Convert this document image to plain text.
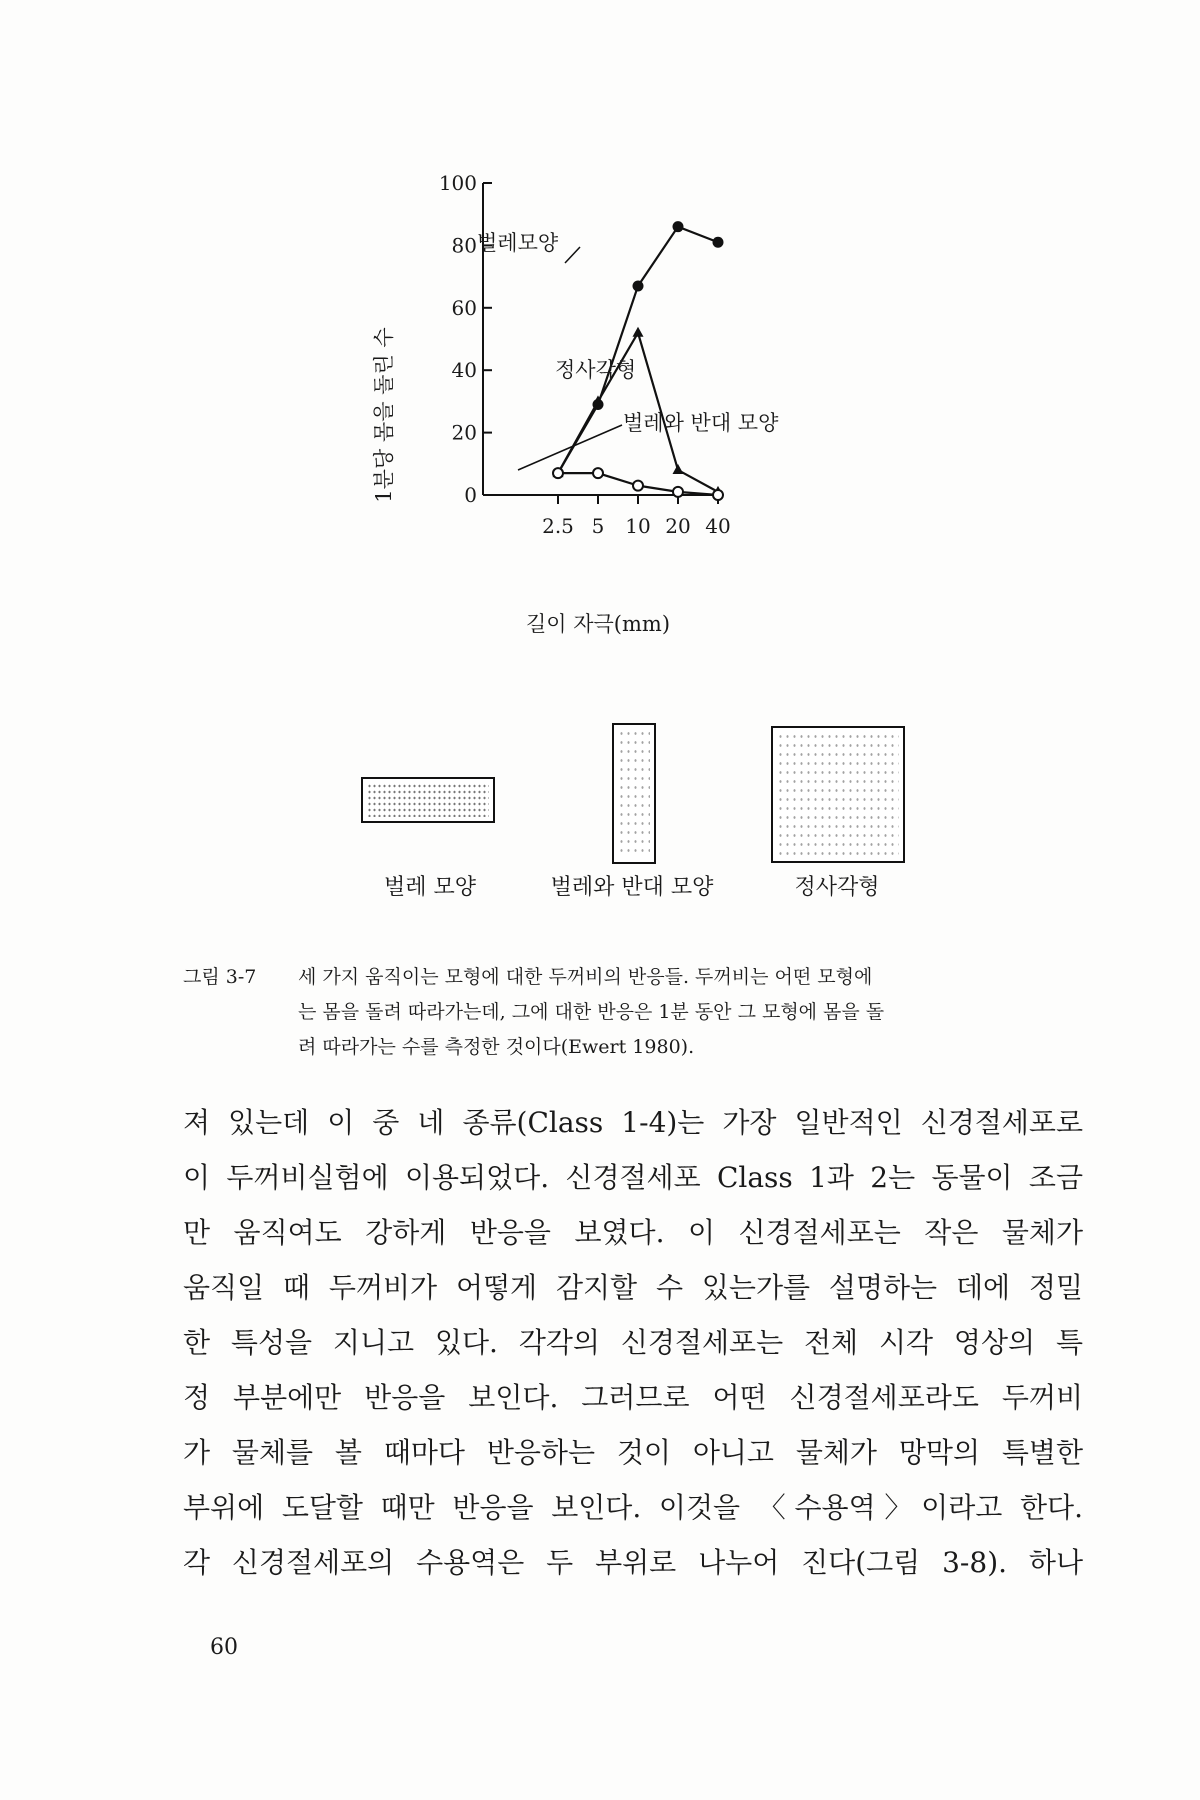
0
20
40
60
80
100
2.5 5 10 20 40
벌레모양
정사각형
벌레와 반대 모양
1분당 몸을 돌린 수
길이 자극(mm)
벌레 모양	벌레와 반대 모양	정사각형
그림 3-7	세 가지 움직이는 모형에 대한 두꺼비의 반응들. 두꺼비는 어떤 모형에
는 몸을 돌려 따라가는데, 그에 대한 반응은 1분 동안 그 모형에 몸을 돌
려 따라가는 수를 측정한 것이다(Ewert 1980).
져 있는데 이 중 네 종류(Class 1-4)는 가장 일반적인 신경절세포로
이 두꺼비실험에 이용되었다. 신경절세포 Class 1과 2는 동물이 조금
만 움직여도 강하게 반응을 보였다. 이 신경절세포는 작은 물체가
움직일 때 두꺼비가 어떻게 감지할 수 있는가를 설명하는 데에 정밀
한 특성을 지니고 있다. 각각의 신경절세포는 전체 시각 영상의 특
정 부분에만 반응을 보인다. 그러므로 어떤 신경절세포라도 두꺼비
가 물체를 볼 때마다 반응하는 것이 아니고 물체가 망막의 특별한
부위에 도달할 때만 반응을 보인다. 이것을 〈수용역〉이라고 한다.
각 신경절세포의 수용역은 두 부위로 나누어 진다(그림 3-8). 하나
60
